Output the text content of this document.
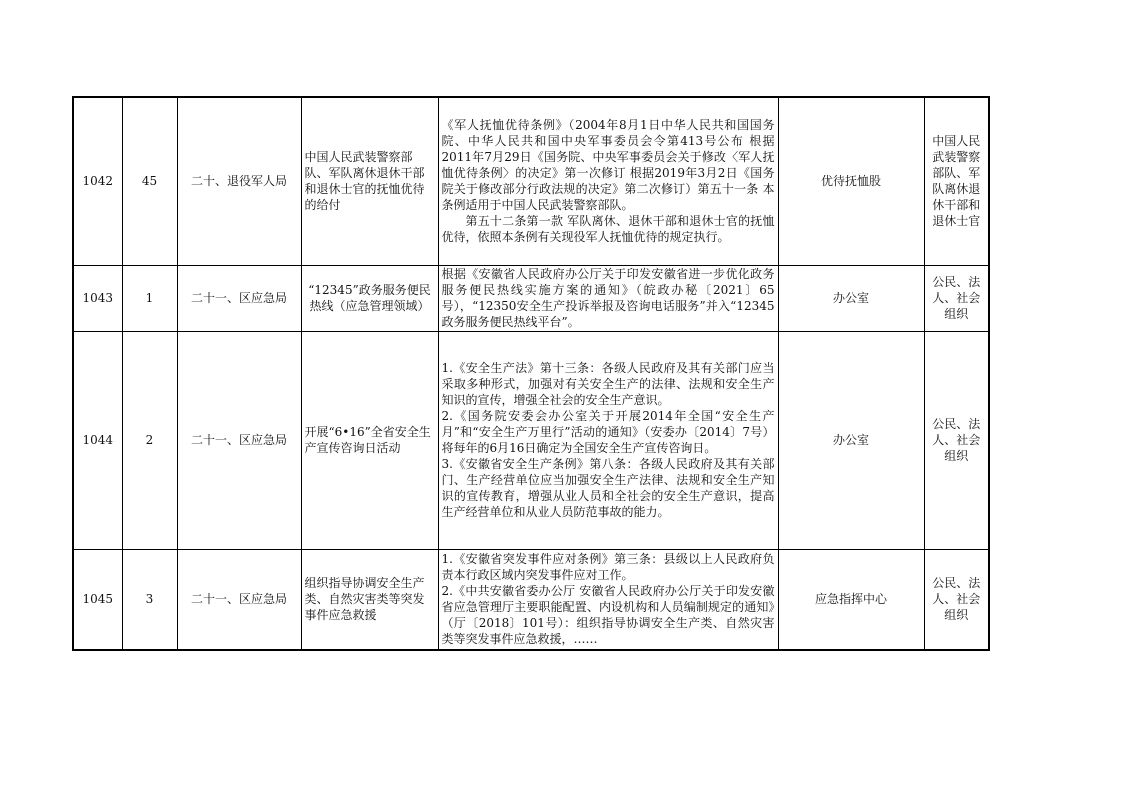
1042	45	二十、退役军人局	中国人民武装警察部队、军队离休退休干部和退休士官的抚恤优待的给付	《军人抚恤优待条例》（2004年8月1日中华人民共和国国务院、中华人民共和国中央军事委员会令第413号公布 根据2011年7月29日《国务院、中央军事委员会关于修改〈军人抚恤优待条例〉的决定》第一次修订 根据2019年3月2日《国务院关于修改部分行政法规的决定》第二次修订）第五十一条 本条例适用于中国人民武装警察部队。
第五十二条第一款 军队离休、退休干部和退休士官的抚恤优待，依照本条例有关现役军人抚恤优待的规定执行。	优待抚恤股	中国人民武装警察部队、军队离休退休干部和退休士官
1043	1	二十一、区应急局	“12345”政务服务便民热线（应急管理领域）	根据《安徽省人民政府办公厅关于印发安徽省进一步优化政务服务便民热线实施方案的通知》（皖政办秘〔2021〕65号），“12350安全生产投诉举报及咨询电话服务”并入“12345政务服务便民热线平台”。	办公室	公民、法人、社会组织
1044	2	二十一、区应急局	开展“6•16”全省安全生产宣传咨询日活动	1.《安全生产法》第十三条：各级人民政府及其有关部门应当采取多种形式，加强对有关安全生产的法律、法规和安全生产知识的宣传，增强全社会的安全生产意识。
2.《国务院安委会办公室关于开展2014年全国“安全生产月”和“安全生产万里行”活动的通知》（安委办〔2014〕7号）将每年的6月16日确定为全国安全生产宣传咨询日。
3.《安徽省安全生产条例》第八条：各级人民政府及其有关部门、生产经营单位应当加强安全生产法律、法规和安全生产知识的宣传教育，增强从业人员和全社会的安全生产意识，提高生产经营单位和从业人员防范事故的能力。	办公室	公民、法人、社会组织
1045	3	二十一、区应急局	组织指导协调安全生产类、自然灾害类等突发事件应急救援	1.《安徽省突发事件应对条例》第三条：县级以上人民政府负责本行政区域内突发事件应对工作。
2.《中共安徽省委办公厅 安徽省人民政府办公厅关于印发安徽省应急管理厅主要职能配置、内设机构和人员编制规定的通知》（厅〔2018〕101号）：组织指导协调安全生产类、自然灾害类等突发事件应急救援，……	应急指挥中心	公民、法人、社会组织
